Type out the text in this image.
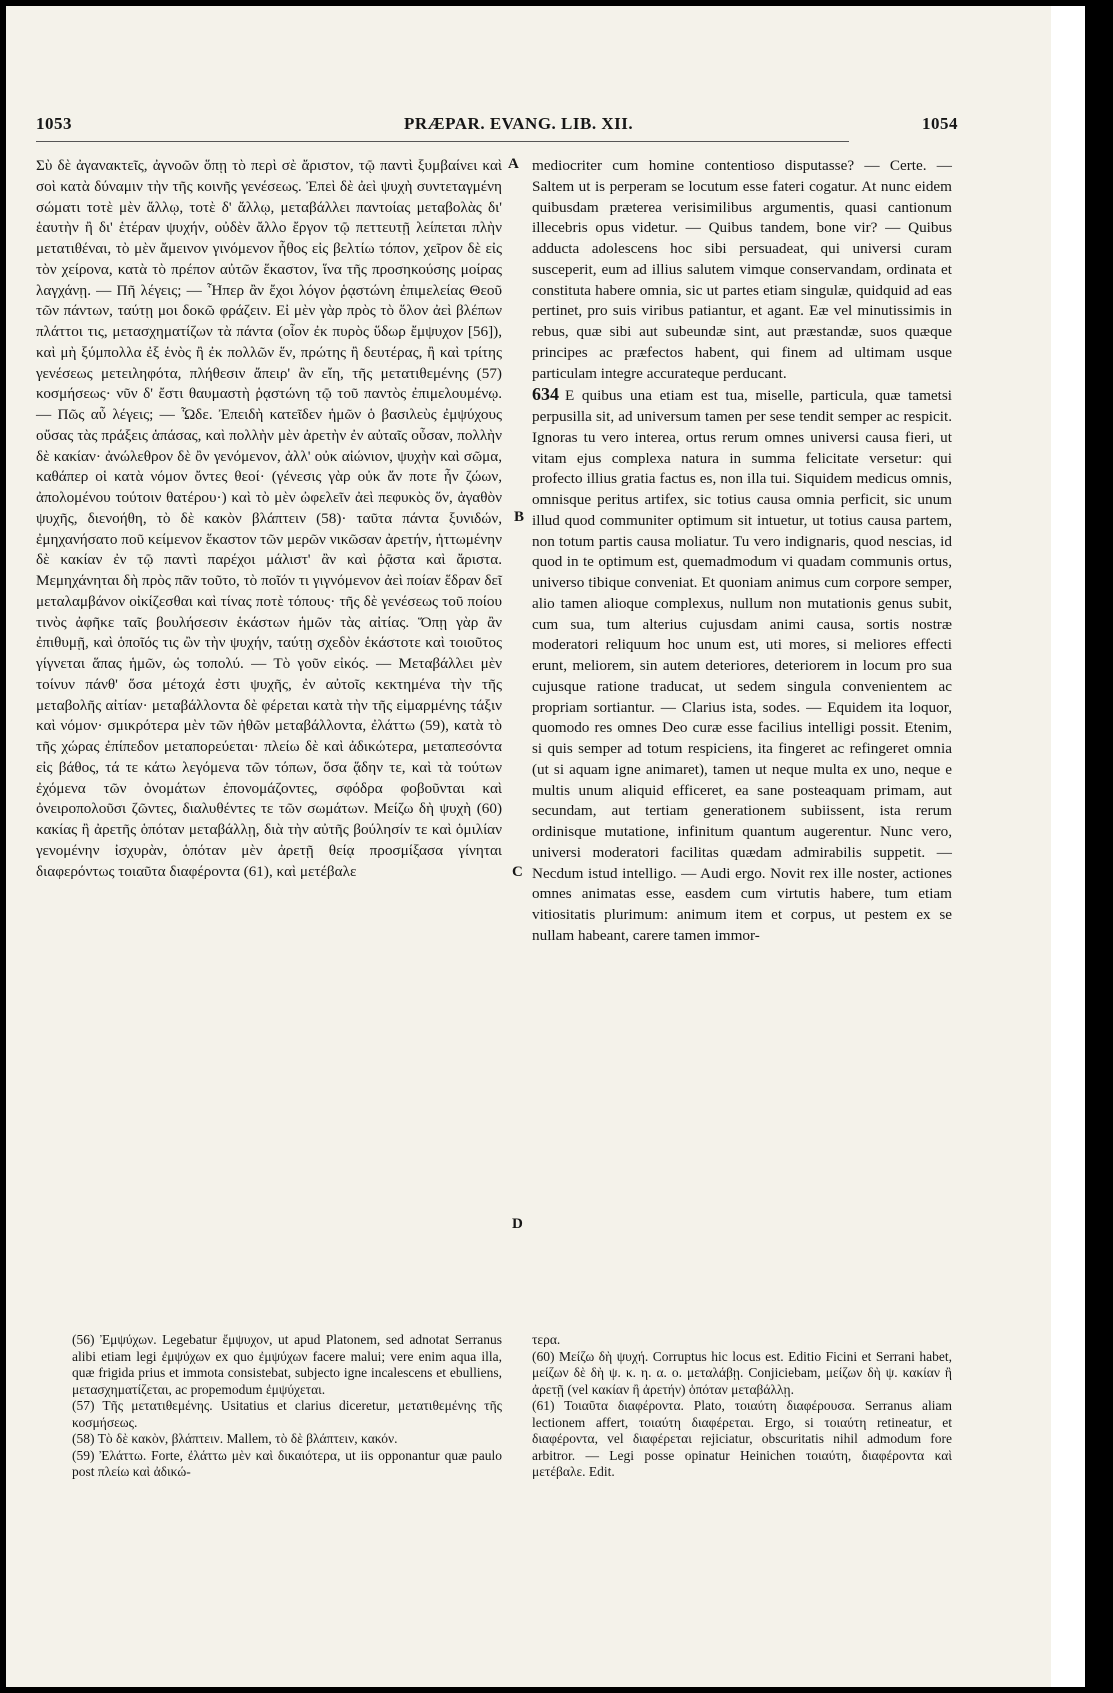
1053	PRÆPAR. EVANG. LIB. XII.	1054

Σὺ δὲ ἀγανακτεῖς, ἀγνοῶν ὅπῃ τὸ περὶ σὲ ἄριστον, τῷ παντὶ ξυμβαίνει καὶ σοὶ κατὰ δύναμιν τὴν τῆς κοινῆς γενέσεως. Ἐπεὶ δὲ ἀεὶ ψυχὴ συντεταγμένη σώματι τοτὲ μὲν ἄλλῳ, τοτὲ δ' ἄλλῳ, μεταβάλλει παντοίας μεταβολὰς δι' ἑαυτὴν ἢ δι' ἑτέραν ψυχήν, οὐδὲν ἄλλο ἔργον τῷ πεττευτῇ λείπεται πλὴν μετατιθέναι, τὸ μὲν ἄμεινον γινόμενον ἦθος εἰς βελτίω τόπον, χεῖρον δὲ εἰς τὸν χείρονα, κατὰ τὸ πρέπον αὐτῶν ἕκαστον, ἵνα τῆς προσηκούσης μοίρας λαγχάνῃ. — Πῆ λέγεις; — Ἧπερ ἂν ἔχοι λόγον ῥᾳστώνη ἐπιμελείας Θεοῦ τῶν πάντων, ταύτῃ μοι δοκῶ φράζειν. Εἰ μὲν γὰρ πρὸς τὸ ὅλον ἀεὶ βλέπων πλάττοι τις, μετασχηματίζων τὰ πάντα (οἷον ἐκ πυρὸς ὕδωρ ἔμψυχον [56]), καὶ μὴ ξύμπολλα ἐξ ἑνὸς ἢ ἐκ πολλῶν ἕν, πρώτης ἢ δευτέρας, ἢ καὶ τρίτης γενέσεως μετειληφότα, πλήθεσιν ἄπειρ' ἂν εἴη, τῆς μετατιθεμένης (57) κοσμήσεως· νῦν δ' ἔστι θαυμαστὴ ῥᾳστώνη τῷ τοῦ παντὸς ἐπιμελουμένῳ. — Πῶς αὖ λέγεις; — Ὧδε. Ἐπειδὴ κατεῖδεν ἡμῶν ὁ βασιλεὺς ἐμψύχους οὔσας τὰς πράξεις ἁπάσας, καὶ πολλὴν μὲν ἀρετὴν ἐν αὐταῖς οὖσαν, πολλὴν δὲ κακίαν· ἀνώλεθρον δὲ ὂν γενόμενον, ἀλλ' οὐκ αἰώνιον, ψυχὴν καὶ σῶμα, καθάπερ οἱ κατὰ νόμον ὄντες θεοί· (γένεσις γὰρ οὐκ ἄν ποτε ἦν ζώων, ἀπολομένου τούτοιν θατέρου·) καὶ τὸ μὲν ὠφελεῖν ἀεὶ πεφυκὸς ὅν, ἀγαθὸν ψυχῆς, διενοήθη, τὸ δὲ κακὸν βλάπτειν (58)· ταῦτα πάντα ξυνιδών, ἐμηχανήσατο ποῦ κείμενον ἕκαστον τῶν μερῶν νικῶσαν ἀρετήν, ἡττωμένην δὲ κακίαν ἐν τῷ παντὶ παρέχοι μάλιστ' ἂν καὶ ῥᾷστα καὶ ἄριστα. Μεμηχάνηται δὴ πρὸς πᾶν τοῦτο, τὸ ποῖόν τι γιγνόμενον ἀεὶ ποίαν ἕδραν δεῖ μεταλαμβάνον οἰκίζεσθαι καὶ τίνας ποτὲ τόπους· τῆς δὲ γενέσεως τοῦ ποίου τινὸς ἀφῆκε ταῖς βουλήσεσιν ἑκάστων ἡμῶν τὰς αἰτίας. Ὅπῃ γὰρ ἂν ἐπιθυμῇ, καὶ ὁποῖός τις ὢν τὴν ψυχήν, ταύτῃ σχεδὸν ἑκάστοτε καὶ τοιοῦτος γίγνεται ἅπας ἡμῶν, ὡς τοπολύ. — Τὸ γοῦν εἰκός. — Μεταβάλλει μὲν τοίνυν πάνθ' ὅσα μέτοχά ἐστι ψυχῆς, ἐν αὐτοῖς κεκτημένα τὴν τῆς μεταβολῆς αἰτίαν· μεταβάλλοντα δὲ φέρεται κατὰ τὴν τῆς εἱμαρμένης τάξιν καὶ νόμον· σμικρότερα μὲν τῶν ἠθῶν μεταβάλλοντα, ἐλάττω (59), κατὰ τὸ τῆς χώρας ἐπίπεδον μεταπορεύεται· πλείω δὲ καὶ ἀδικώτερα, μεταπεσόντα εἰς βάθος, τά τε κάτω λεγόμενα τῶν τόπων, ὅσα ᾅδην τε, καὶ τὰ τούτων ἐχόμενα τῶν ὀνομάτων ἐπονομάζοντες, σφόδρα φοβοῦνται καὶ ὀνειροπολοῦσι ζῶντες, διαλυθέντες τε τῶν σωμάτων. Μείζω δὴ ψυχὴ (60) κακίας ἢ ἀρετῆς ὁπόταν μεταβάλλῃ, διὰ τὴν αὐτῆς βούλησίν τε καὶ ὁμιλίαν γενομένην ἰσχυρὰν, ὁπόταν μὲν ἀρετῇ θείᾳ προσμίξασα γίνηται διαφερόντως τοιαῦτα διαφέροντα (61), καὶ μετέβαλε

A
B
C
D

mediocriter cum homine contentioso disputasse? — Certe. — Saltem ut is perperam se locutum esse fateri cogatur. At nunc eidem quibusdam præterea verisimilibus argumentis, quasi cantionum illecebris opus videtur. — Quibus tandem, bone vir? — Quibus adducta adolescens hoc sibi persuadeat, qui universi curam susceperit, eum ad illius salutem vimque conservandam, ordinata et constituta habere omnia, sic ut partes etiam singulæ, quidquid ad eas pertinet, pro suis viribus patiantur, et agant. Eæ vel minutissimis in rebus, quæ sibi aut subeundæ sint, aut præstandæ, suos quæque principes ac præfectos habent, qui finem ad ultimam usque particulam integre accurateque perducant.

634 E quibus una etiam est tua, miselle, particula, quæ tametsi perpusilla sit, ad universum tamen per sese tendit semper ac respicit. Ignoras tu vero interea, ortus rerum omnes universi causa fieri, ut vitam ejus complexa natura in summa felicitate versetur: qui profecto illius gratia factus es, non illa tui. Siquidem medicus omnis, omnisque peritus artifex, sic totius causa omnia perficit, sic unum illud quod communiter optimum sit intuetur, ut totius causa partem, non totum partis causa moliatur. Tu vero indignaris, quod nescias, id quod in te optimum est, quemadmodum vi quadam communis ortus, universo tibique conveniat. Et quoniam animus cum corpore semper, alio tamen alioque complexus, nullum non mutationis genus subit, cum sua, tum alterius cujusdam animi causa, sortis nostræ moderatori reliquum hoc unum est, uti mores, si meliores effecti erunt, meliorem, sin autem deteriores, deteriorem in locum pro sua cujusque ratione traducat, ut sedem singula convenientem ac propriam sortiantur. — Clarius ista, sodes. — Equidem ita loquor, quomodo res omnes Deo curæ esse facilius intelligi possit. Etenim, si quis semper ad totum respiciens, ita fingeret ac refingeret omnia (ut si aquam igne animaret), tamen ut neque multa ex uno, neque e multis unum aliquid efficeret, ea sane posteaquam primam, aut secundam, aut tertiam generationem subiissent, ista rerum ordinisque mutatione, infinitum quantum augerentur. Nunc vero, universi moderatori facilitas quædam admirabilis suppetit. — Necdum istud intelligo. — Audi ergo. Novit rex ille noster, actiones omnes animatas esse, easdem cum virtutis habere, tum etiam vitiositatis plurimum: animum item et corpus, ut pestem ex se nullam habeant, carere tamen immor-

(56) Ἐμψύχων. Legebatur ἔμψυχον, ut apud Platonem, sed adnotat Serranus alibi etiam legi ἐμψύχων ex quo ἐμψύχων facere malui; vere enim aqua illa, quæ frigida prius et immota consistebat, subjecto igne incalescens et ebulliens, μετασχηματίζεται, ac propemodum ἐμψύχεται.

(57) Τῆς μετατιθεμένης. Usitatius et clarius diceretur, μετατιθεμένης τῆς κοσμήσεως.

(58) Τὸ δὲ κακὸν, βλάπτειν. Mallem, τὸ δὲ βλάπτειν, κακόν.

(59) Ἐλάττω. Forte, ἐλάττω μὲν καὶ δικαιότερα, ut iis opponantur quæ paulo post πλείω καὶ ἀδικώ-

τερα.

(60) Μείζω δὴ ψυχή. Corruptus hic locus est. Editio Ficini et Serrani habet, μείζων δὲ δὴ ψ. κ. η. α. ο. μεταλάβῃ. Conjiciebam, μείζων δὴ ψ. κακίαν ἢ ἀρετῇ (vel κακίαν ἢ ἀρετήν) ὁπόταν μεταβάλλῃ.

(61) Τοιαῦτα διαφέροντα. Plato, τοιαύτη διαφέρουσα. Serranus aliam lectionem affert, τοιαύτη διαφέρεται. Ergo, si τοιαύτη retineatur, et διαφέροντα, vel διαφέρεται rejiciatur, obscuritatis nihil admodum fore arbitror. — Legi posse opinatur Heinichen τοιαύτη, διαφέροντα καὶ μετέβαλε. Edit.
